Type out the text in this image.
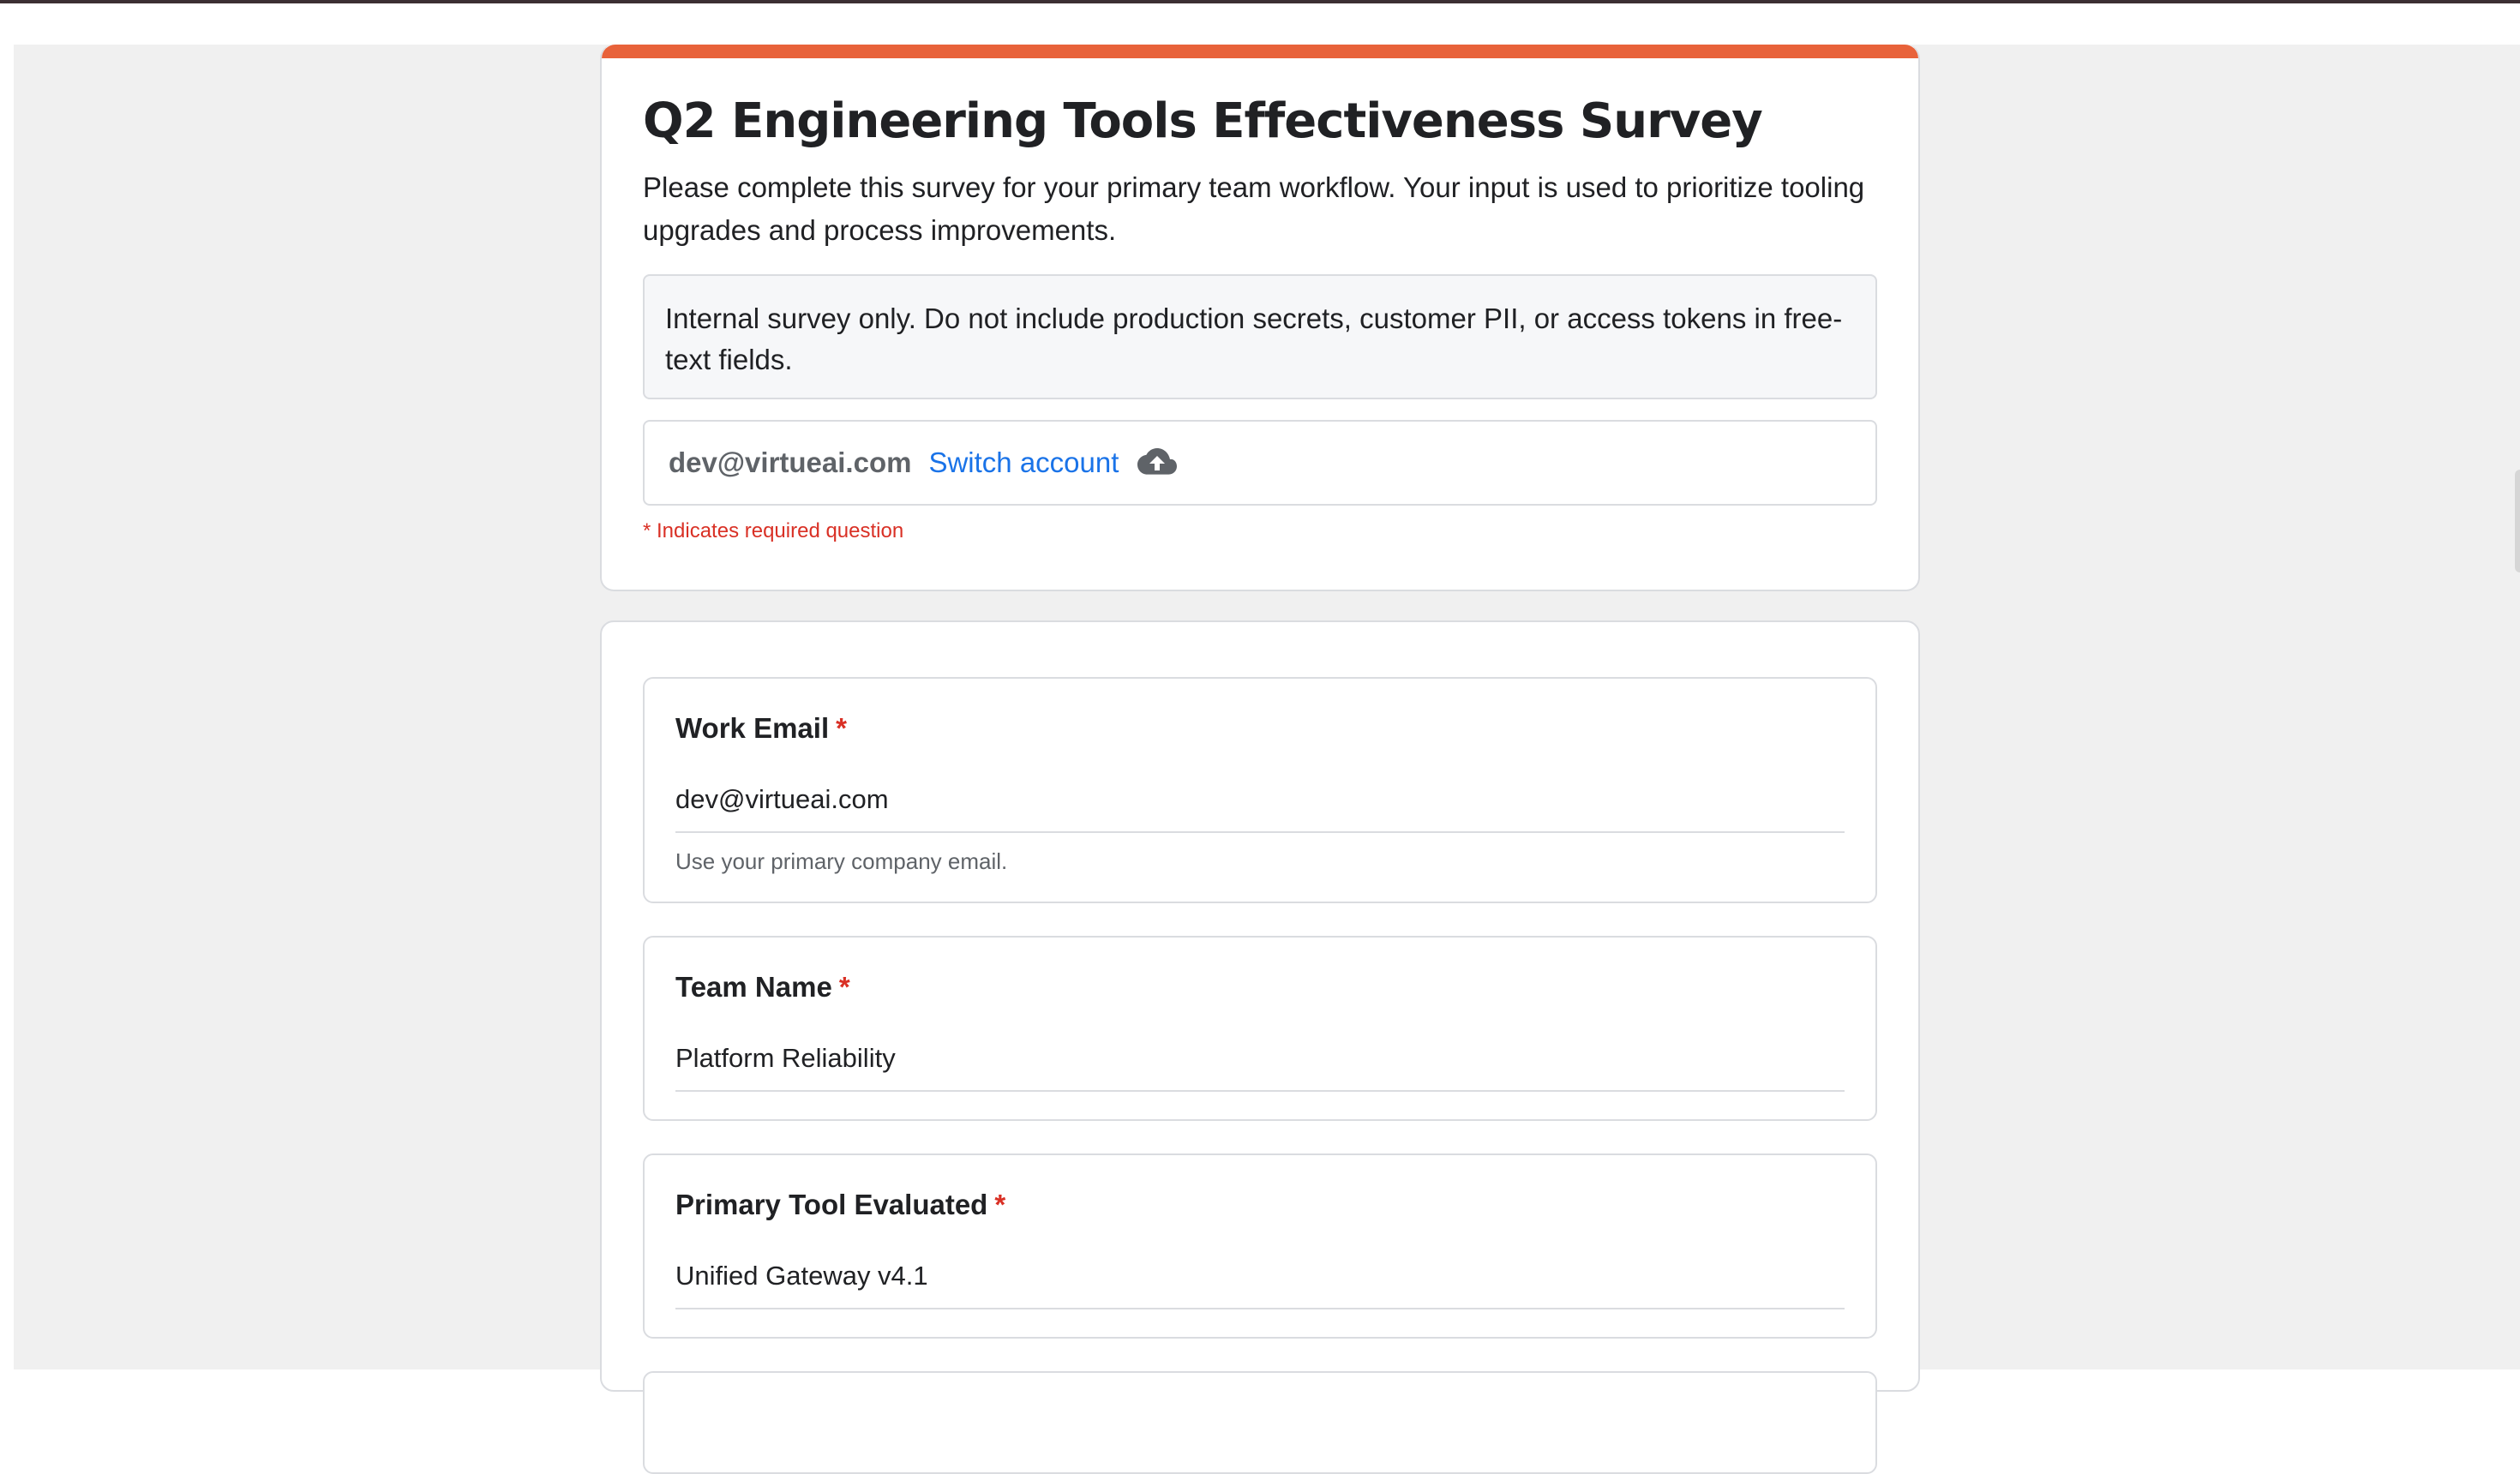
Q2 Engineering Tools Effectiveness Survey
Please complete this survey for your primary team workflow. Your input is used to prioritize tooling upgrades and process improvements.
Internal survey only. Do not include production secrets, customer PII, or access tokens in free-text fields.
dev@virtueai.com Switch account
* Indicates required question
Work Email *
dev@virtueai.com
Use your primary company email.
Team Name *
Platform Reliability
Primary Tool Evaluated *
Unified Gateway v4.1
